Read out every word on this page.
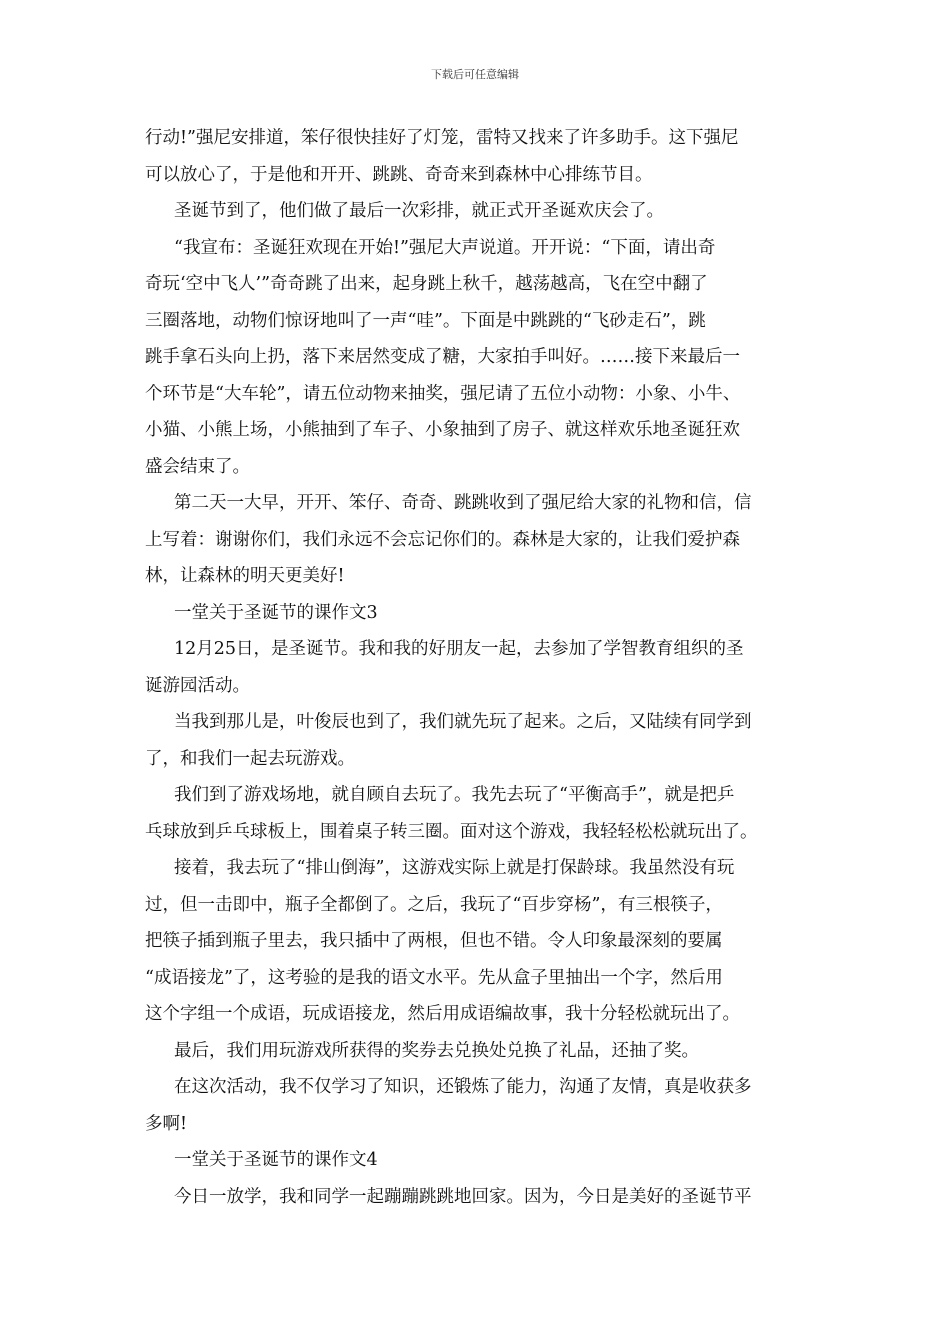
下载后可任意编辑

行动!”强尼安排道，笨仔很快挂好了灯笼，雷特又找来了许多助手。这下强尼

可以放心了，于是他和开开、跳跳、奇奇来到森林中心排练节目。

圣诞节到了，他们做了最后一次彩排，就正式开圣诞欢庆会了。

“我宣布：圣诞狂欢现在开始!”强尼大声说道。开开说：“下面，请出奇

奇玩‘空中飞人’”奇奇跳了出来，起身跳上秋千，越荡越高，飞在空中翻了

三圈落地，动物们惊讶地叫了一声“哇”。下面是中跳跳的“飞砂走石”，跳

跳手拿石头向上扔，落下来居然变成了糖，大家拍手叫好。……接下来最后一

个环节是“大车轮”，请五位动物来抽奖，强尼请了五位小动物：小象、小牛、

小猫、小熊上场，小熊抽到了车子、小象抽到了房子、就这样欢乐地圣诞狂欢

盛会结束了。

第二天一大早，开开、笨仔、奇奇、跳跳收到了强尼给大家的礼物和信，信

上写着：谢谢你们，我们永远不会忘记你们的。森林是大家的，让我们爱护森

林，让森林的明天更美好!

一堂关于圣诞节的课作文3

12月25日，是圣诞节。我和我的好朋友一起，去参加了学智教育组织的圣

诞游园活动。

当我到那儿是，叶俊辰也到了，我们就先玩了起来。之后，又陆续有同学到

了，和我们一起去玩游戏。

我们到了游戏场地，就自顾自去玩了。我先去玩了“平衡高手”，就是把乒

乓球放到乒乓球板上，围着桌子转三圈。面对这个游戏，我轻轻松松就玩出了。

接着，我去玩了“排山倒海”，这游戏实际上就是打保龄球。我虽然没有玩

过，但一击即中，瓶子全都倒了。之后，我玩了“百步穿杨”，有三根筷子，

把筷子插到瓶子里去，我只插中了两根，但也不错。令人印象最深刻的要属

“成语接龙”了，这考验的是我的语文水平。先从盒子里抽出一个字，然后用

这个字组一个成语，玩成语接龙，然后用成语编故事，我十分轻松就玩出了。

最后，我们用玩游戏所获得的奖券去兑换处兑换了礼品，还抽了奖。

在这次活动，我不仅学习了知识，还锻炼了能力，沟通了友情，真是收获多

多啊!

一堂关于圣诞节的课作文4

今日一放学，我和同学一起蹦蹦跳跳地回家。因为，今日是美好的圣诞节平
